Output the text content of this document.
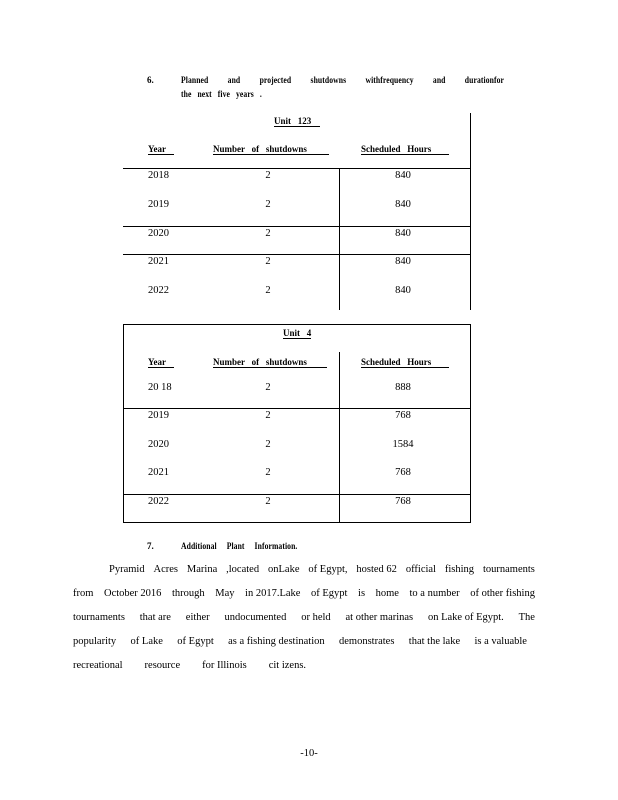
6.	Planned and projected shutdowns withfrequency and durationfor
the   next   five   years   .
Unit   123
Year	Number   of   shutdowns	Scheduled   Hours
2018	2	840
2019	2	840
2020	2	840
2021	2	840
2022	2	840
Unit   4
Year	Number   of   shutdowns	Scheduled   Hours
20 18	2	888
2019	2	768
2020	2	1584
2021	2	768
2022	2	768
7.	Additional     Plant     Information.
Pyramid Acres Marina ,located onLake of Egypt, hosted 62 official fishing tournaments
from October 2016 through May in 2017.Lake of Egypt is home to a number of other fishing
tournaments that are either undocumented or held at other marinas on Lake of Egypt. The
popularity of Lake of Egypt as a fishing destination demonstrates that the lake is a valuable
recreational resource for Illinois cit izens.
-10-
